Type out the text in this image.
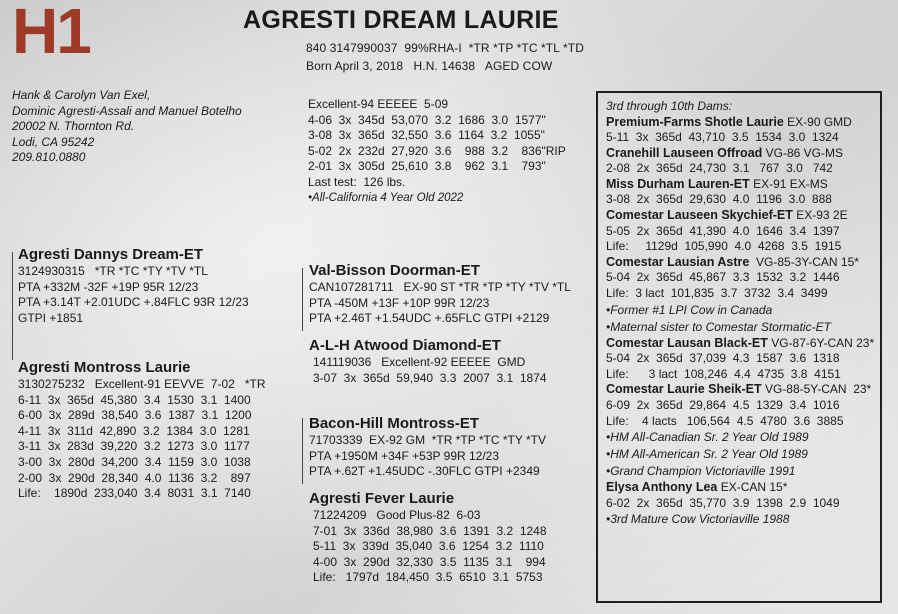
H1	AGRESTI DREAM LAURIE
840 3147990037  99%RHA-I  *TR *TP *TC *TL *TD
Born April 3, 2018   H.N. 14638   AGED COW
Hank & Carolyn Van Exel,
Dominic Agresti-Assali and Manuel Botelho
20002 N. Thornton Rd.
Lodi, CA 95242
209.810.0880
Excellent-94 EEEEE  5-09
4-06  3x  345d  53,070  3.2  1686  3.0  1577"
3-08  3x  365d  32,550  3.6  1164  3.2  1055"
5-02  2x  232d  27,920  3.6    988  3.2    836"RIP
2-01  3x  305d  25,610  3.8    962  3.1    793"
Last test:  126 lbs.
•All-California 4 Year Old 2022
Agresti Dannys Dream-ET
3124930315   *TR *TC *TY *TV *TL
PTA +332M -32F +19P 95R 12/23
PTA +3.14T +2.01UDC +.84FLC 93R 12/23
GTPI +1851
Agresti Montross Laurie
3130275232   Excellent-91 EEVVE  7-02   *TR
6-11  3x  365d  45,380  3.4  1530  3.1  1400
6-00  3x  289d  38,540  3.6  1387  3.1  1200
4-11  3x  311d  42,890  3.2  1384  3.0  1281
3-11  3x  283d  39,220  3.2  1273  3.0  1177
3-00  3x  280d  34,200  3.4  1159  3.0  1038
2-00  3x  290d  28,340  4.0  1136  3.2    897
Life:    1890d  233,040  3.4  8031  3.1  7140
Val-Bisson Doorman-ET
CAN107281711   EX-90 ST *TR *TP *TY *TV *TL
PTA -450M +13F +10P 99R 12/23
PTA +2.46T +1.54UDC +.65FLC GTPI +2129
A-L-H Atwood Diamond-ET
141119036   Excellent-92 EEEEE  GMD
3-07  3x  365d  59,940  3.3  2007  3.1  1874
Bacon-Hill Montross-ET
71703339  EX-92 GM  *TR *TP *TC *TY *TV
PTA +1950M +34F +53P 99R 12/23
PTA +.62T +1.45UDC -.30FLC GTPI +2349
Agresti Fever Laurie
71224209   Good Plus-82  6-03
7-01  3x  336d  38,980  3.6  1391  3.2  1248
5-11  3x  339d  35,040  3.6  1254  3.2  1110
4-00  3x  290d  32,330  3.5  1135  3.1    994
Life:   1797d  184,450  3.5  6510  3.1  5753
3rd through 10th Dams:
Premium-Farms Shotle Laurie EX-90 GMD
5-11  3x  365d  43,710  3.5  1534  3.0  1324
Cranehill Lauseen Offroad VG-86 VG-MS
2-08  2x  365d  24,730  3.1   767  3.0   742
Miss Durham Lauren-ET EX-91 EX-MS
3-08  2x  365d  29,630  4.0  1196  3.0  888
Comestar Lauseen Skychief-ET EX-93 2E
5-05  2x  365d  41,390  4.0  1646  3.4  1397
Life:     1129d  105,990  4.0  4268  3.5  1915
Comestar Lausian Astre  VG-85-3Y-CAN 15*
5-04  2x  365d  45,867  3.3  1532  3.2  1446
Life:  3 lact  101,835  3.7  3732  3.4  3499
•Former #1 LPI Cow in Canada
•Maternal sister to Comestar Stormatic-ET
Comestar Lausan Black-ET VG-87-6Y-CAN 23*
5-04  2x  365d  37,039  4.3  1587  3.6  1318
Life:      3 lact  108,246  4.4  4735  3.8  4151
Comestar Laurie Sheik-ET VG-88-5Y-CAN  23*
6-09  2x  365d  29,864  4.5  1329  3.4  1016
Life:    4 lacts   106,564  4.5  4780  3.6  3885
•HM All-Canadian Sr. 2 Year Old 1989
•HM All-American Sr. 2 Year Old 1989
•Grand Champion Victoriaville 1991
Elysa Anthony Lea EX-CAN 15*
6-02  2x  365d  35,770  3.9  1398  2.9  1049
•3rd Mature Cow Victoriaville 1988
